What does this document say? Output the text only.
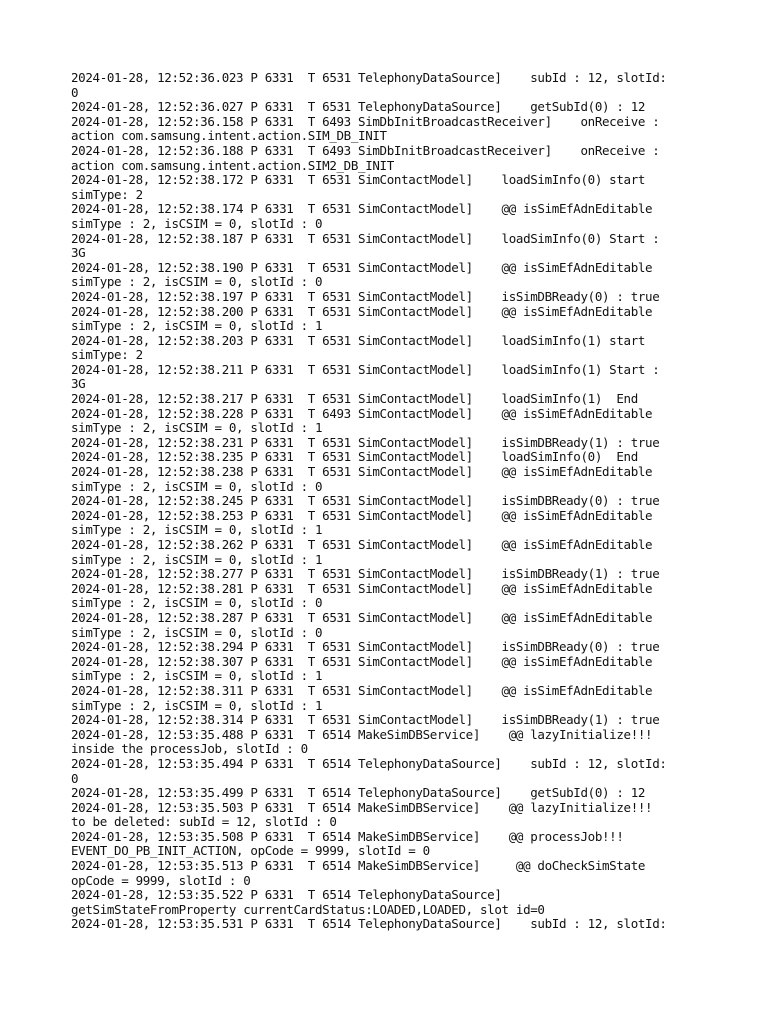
2024-01-28, 12:52:36.023 P 6331  T 6531 TelephonyDataSource]    subId : 12, slotId:
0
2024-01-28, 12:52:36.027 P 6331  T 6531 TelephonyDataSource]    getSubId(0) : 12
2024-01-28, 12:52:36.158 P 6331  T 6493 SimDbInitBroadcastReceiver]    onReceive :
action com.samsung.intent.action.SIM_DB_INIT
2024-01-28, 12:52:36.188 P 6331  T 6493 SimDbInitBroadcastReceiver]    onReceive :
action com.samsung.intent.action.SIM2_DB_INIT
2024-01-28, 12:52:38.172 P 6331  T 6531 SimContactModel]    loadSimInfo(0) start
simType: 2
2024-01-28, 12:52:38.174 P 6331  T 6531 SimContactModel]    @@ isSimEfAdnEditable
simType : 2, isCSIM = 0, slotId : 0
2024-01-28, 12:52:38.187 P 6331  T 6531 SimContactModel]    loadSimInfo(0) Start :
3G
2024-01-28, 12:52:38.190 P 6331  T 6531 SimContactModel]    @@ isSimEfAdnEditable
simType : 2, isCSIM = 0, slotId : 0
2024-01-28, 12:52:38.197 P 6331  T 6531 SimContactModel]    isSimDBReady(0) : true
2024-01-28, 12:52:38.200 P 6331  T 6531 SimContactModel]    @@ isSimEfAdnEditable
simType : 2, isCSIM = 0, slotId : 1
2024-01-28, 12:52:38.203 P 6331  T 6531 SimContactModel]    loadSimInfo(1) start
simType: 2
2024-01-28, 12:52:38.211 P 6331  T 6531 SimContactModel]    loadSimInfo(1) Start :
3G
2024-01-28, 12:52:38.217 P 6331  T 6531 SimContactModel]    loadSimInfo(1)  End
2024-01-28, 12:52:38.228 P 6331  T 6493 SimContactModel]    @@ isSimEfAdnEditable
simType : 2, isCSIM = 0, slotId : 1
2024-01-28, 12:52:38.231 P 6331  T 6531 SimContactModel]    isSimDBReady(1) : true
2024-01-28, 12:52:38.235 P 6331  T 6531 SimContactModel]    loadSimInfo(0)  End
2024-01-28, 12:52:38.238 P 6331  T 6531 SimContactModel]    @@ isSimEfAdnEditable
simType : 2, isCSIM = 0, slotId : 0
2024-01-28, 12:52:38.245 P 6331  T 6531 SimContactModel]    isSimDBReady(0) : true
2024-01-28, 12:52:38.253 P 6331  T 6531 SimContactModel]    @@ isSimEfAdnEditable
simType : 2, isCSIM = 0, slotId : 1
2024-01-28, 12:52:38.262 P 6331  T 6531 SimContactModel]    @@ isSimEfAdnEditable
simType : 2, isCSIM = 0, slotId : 1
2024-01-28, 12:52:38.277 P 6331  T 6531 SimContactModel]    isSimDBReady(1) : true
2024-01-28, 12:52:38.281 P 6331  T 6531 SimContactModel]    @@ isSimEfAdnEditable
simType : 2, isCSIM = 0, slotId : 0
2024-01-28, 12:52:38.287 P 6331  T 6531 SimContactModel]    @@ isSimEfAdnEditable
simType : 2, isCSIM = 0, slotId : 0
2024-01-28, 12:52:38.294 P 6331  T 6531 SimContactModel]    isSimDBReady(0) : true
2024-01-28, 12:52:38.307 P 6331  T 6531 SimContactModel]    @@ isSimEfAdnEditable
simType : 2, isCSIM = 0, slotId : 1
2024-01-28, 12:52:38.311 P 6331  T 6531 SimContactModel]    @@ isSimEfAdnEditable
simType : 2, isCSIM = 0, slotId : 1
2024-01-28, 12:52:38.314 P 6331  T 6531 SimContactModel]    isSimDBReady(1) : true
2024-01-28, 12:53:35.488 P 6331  T 6514 MakeSimDBService]    @@ lazyInitialize!!!
inside the processJob, slotId : 0
2024-01-28, 12:53:35.494 P 6331  T 6514 TelephonyDataSource]    subId : 12, slotId:
0
2024-01-28, 12:53:35.499 P 6331  T 6514 TelephonyDataSource]    getSubId(0) : 12
2024-01-28, 12:53:35.503 P 6331  T 6514 MakeSimDBService]    @@ lazyInitialize!!!
to be deleted: subId = 12, slotId : 0
2024-01-28, 12:53:35.508 P 6331  T 6514 MakeSimDBService]    @@ processJob!!!
EVENT_DO_PB_INIT_ACTION, opCode = 9999, slotId = 0
2024-01-28, 12:53:35.513 P 6331  T 6514 MakeSimDBService]     @@ doCheckSimState
opCode = 9999, slotId : 0
2024-01-28, 12:53:35.522 P 6331  T 6514 TelephonyDataSource]
getSimStateFromProperty currentCardStatus:LOADED,LOADED, slot id=0
2024-01-28, 12:53:35.531 P 6331  T 6514 TelephonyDataSource]    subId : 12, slotId:
